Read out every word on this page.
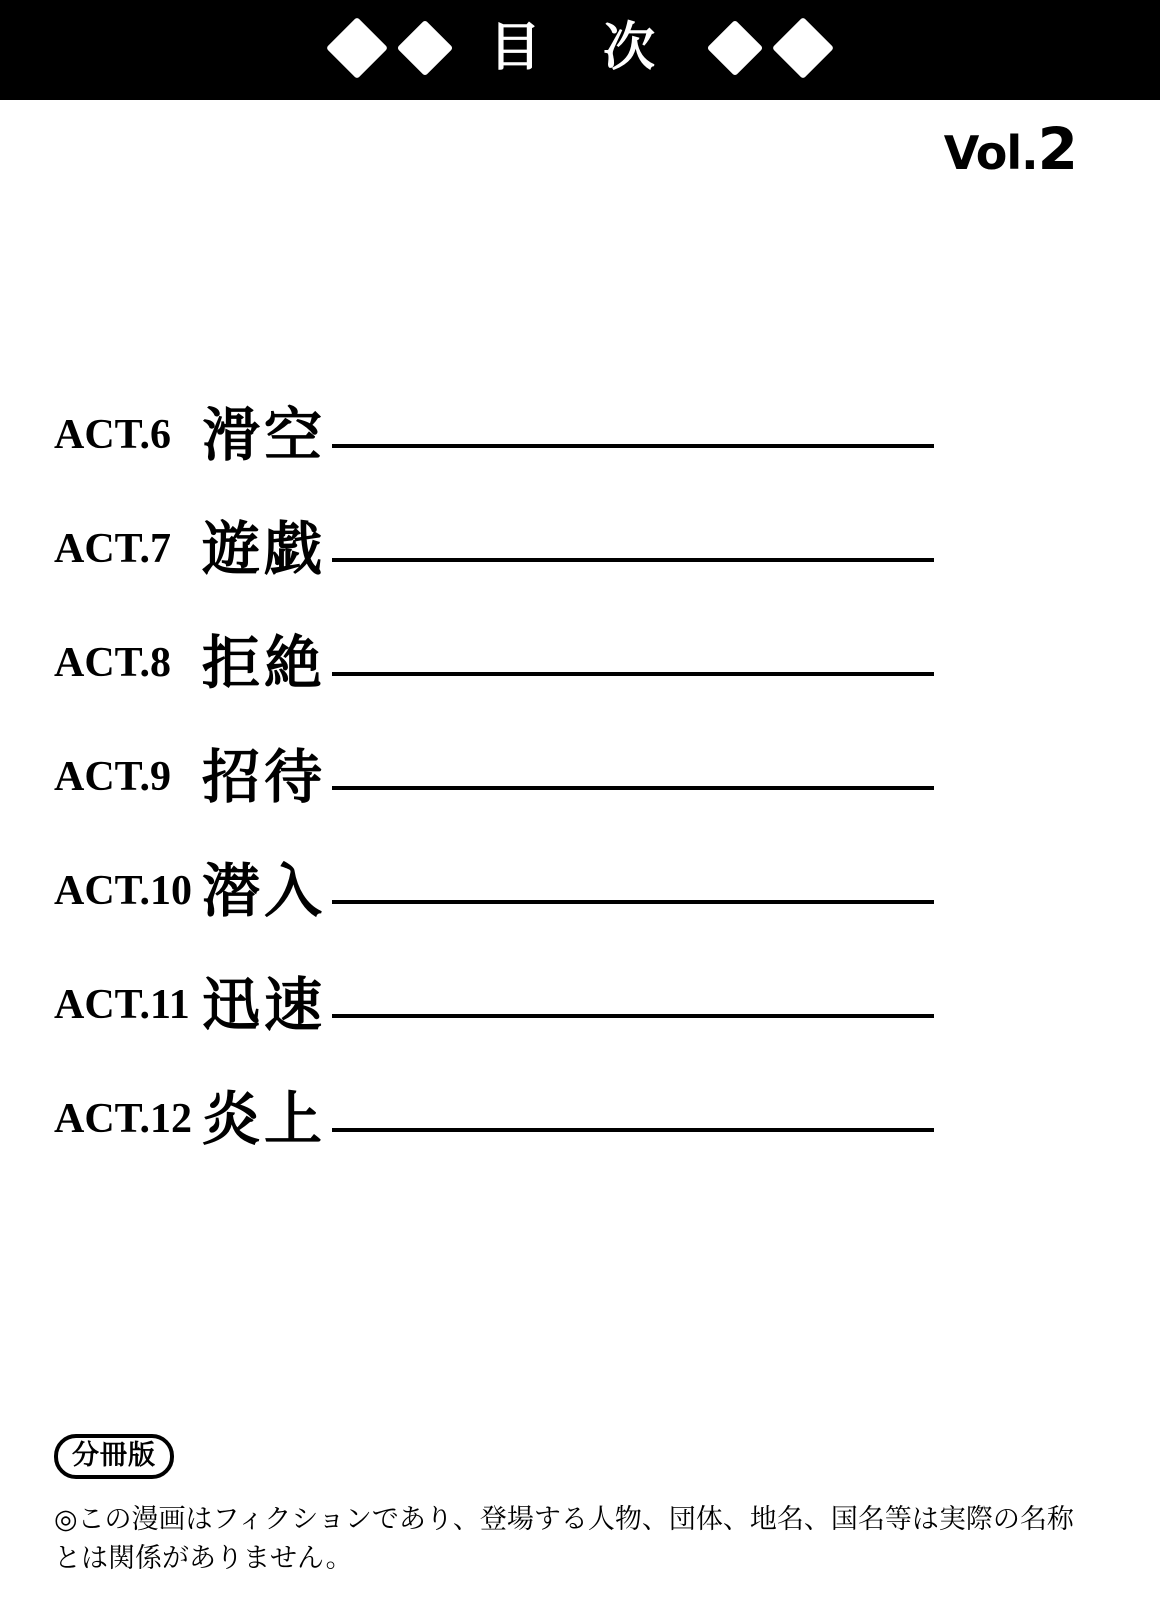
目 次
Vol.2
ACT.6 滑空
ACT.7 遊戯
ACT.8 拒絶
ACT.9 招待
ACT.10 潜入
ACT.11 迅速
ACT.12 炎上
分冊版
◎この漫画はフィクションであり、登場する人物、団体、地名、国名等は実際の名称とは関係がありません。
